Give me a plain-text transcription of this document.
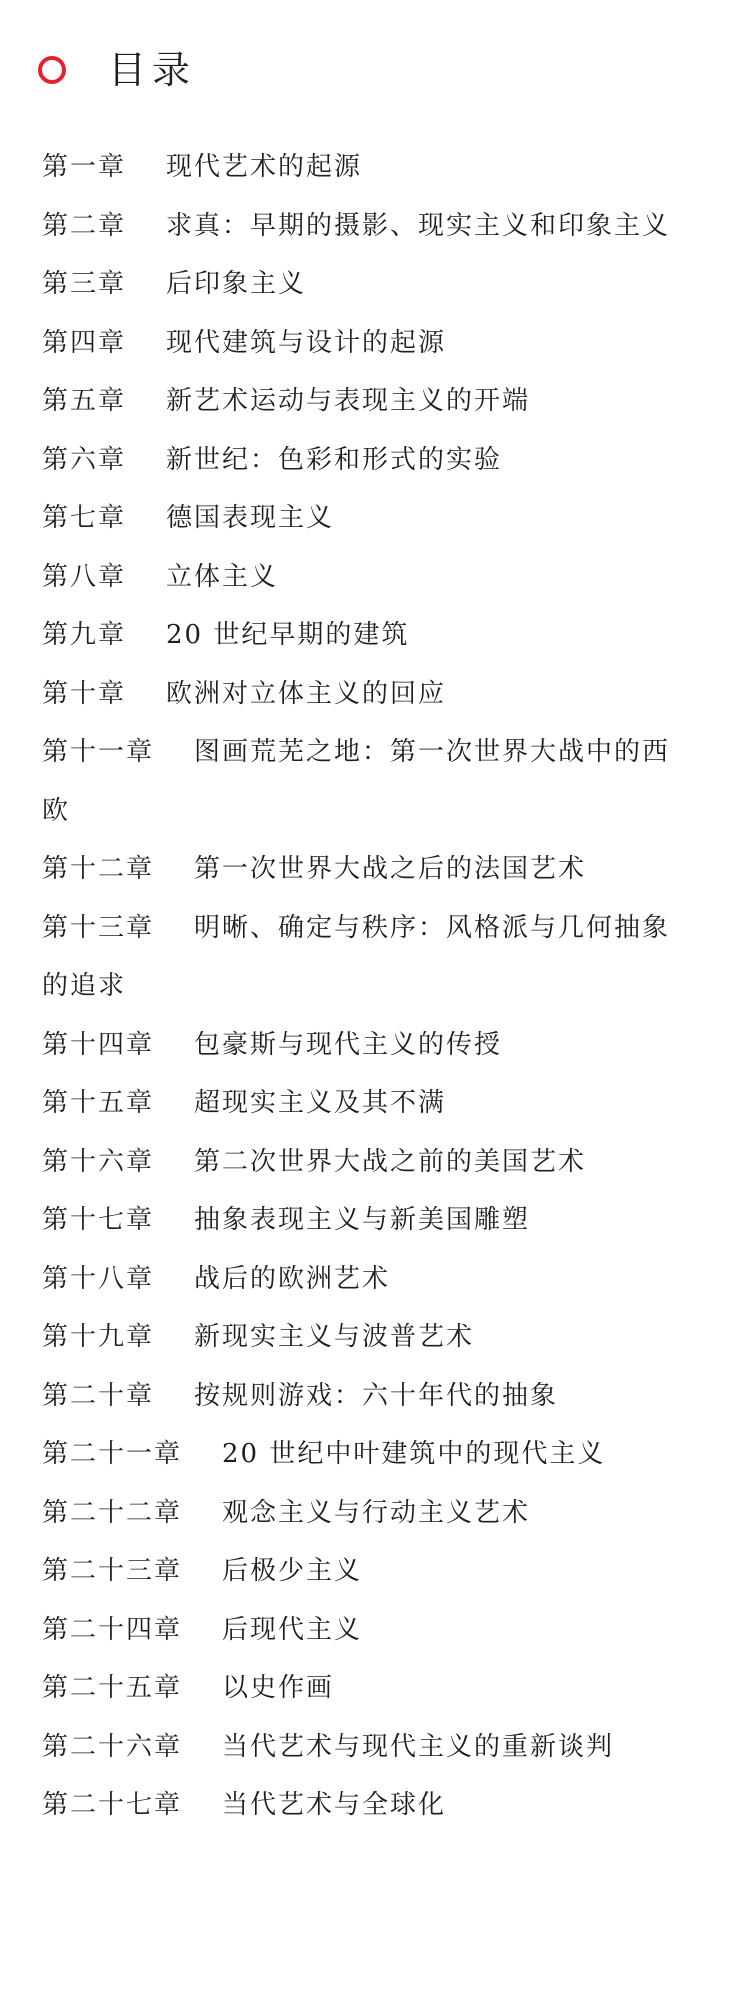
目录
第一章 现代艺术的起源
第二章 求真：早期的摄影、现实主义和印象主义
第三章 后印象主义
第四章 现代建筑与设计的起源
第五章 新艺术运动与表现主义的开端
第六章 新世纪：色彩和形式的实验
第七章 德国表现主义
第八章 立体主义
第九章 20 世纪早期的建筑
第十章 欧洲对立体主义的回应
第十一章 图画荒芜之地：第一次世界大战中的西欧
第十二章 第一次世界大战之后的法国艺术
第十三章 明晰、确定与秩序：风格派与几何抽象的追求
第十四章 包豪斯与现代主义的传授
第十五章 超现实主义及其不满
第十六章 第二次世界大战之前的美国艺术
第十七章 抽象表现主义与新美国雕塑
第十八章 战后的欧洲艺术
第十九章 新现实主义与波普艺术
第二十章 按规则游戏：六十年代的抽象
第二十一章 20 世纪中叶建筑中的现代主义
第二十二章 观念主义与行动主义艺术
第二十三章 后极少主义
第二十四章 后现代主义
第二十五章 以史作画
第二十六章 当代艺术与现代主义的重新谈判
第二十七章 当代艺术与全球化
